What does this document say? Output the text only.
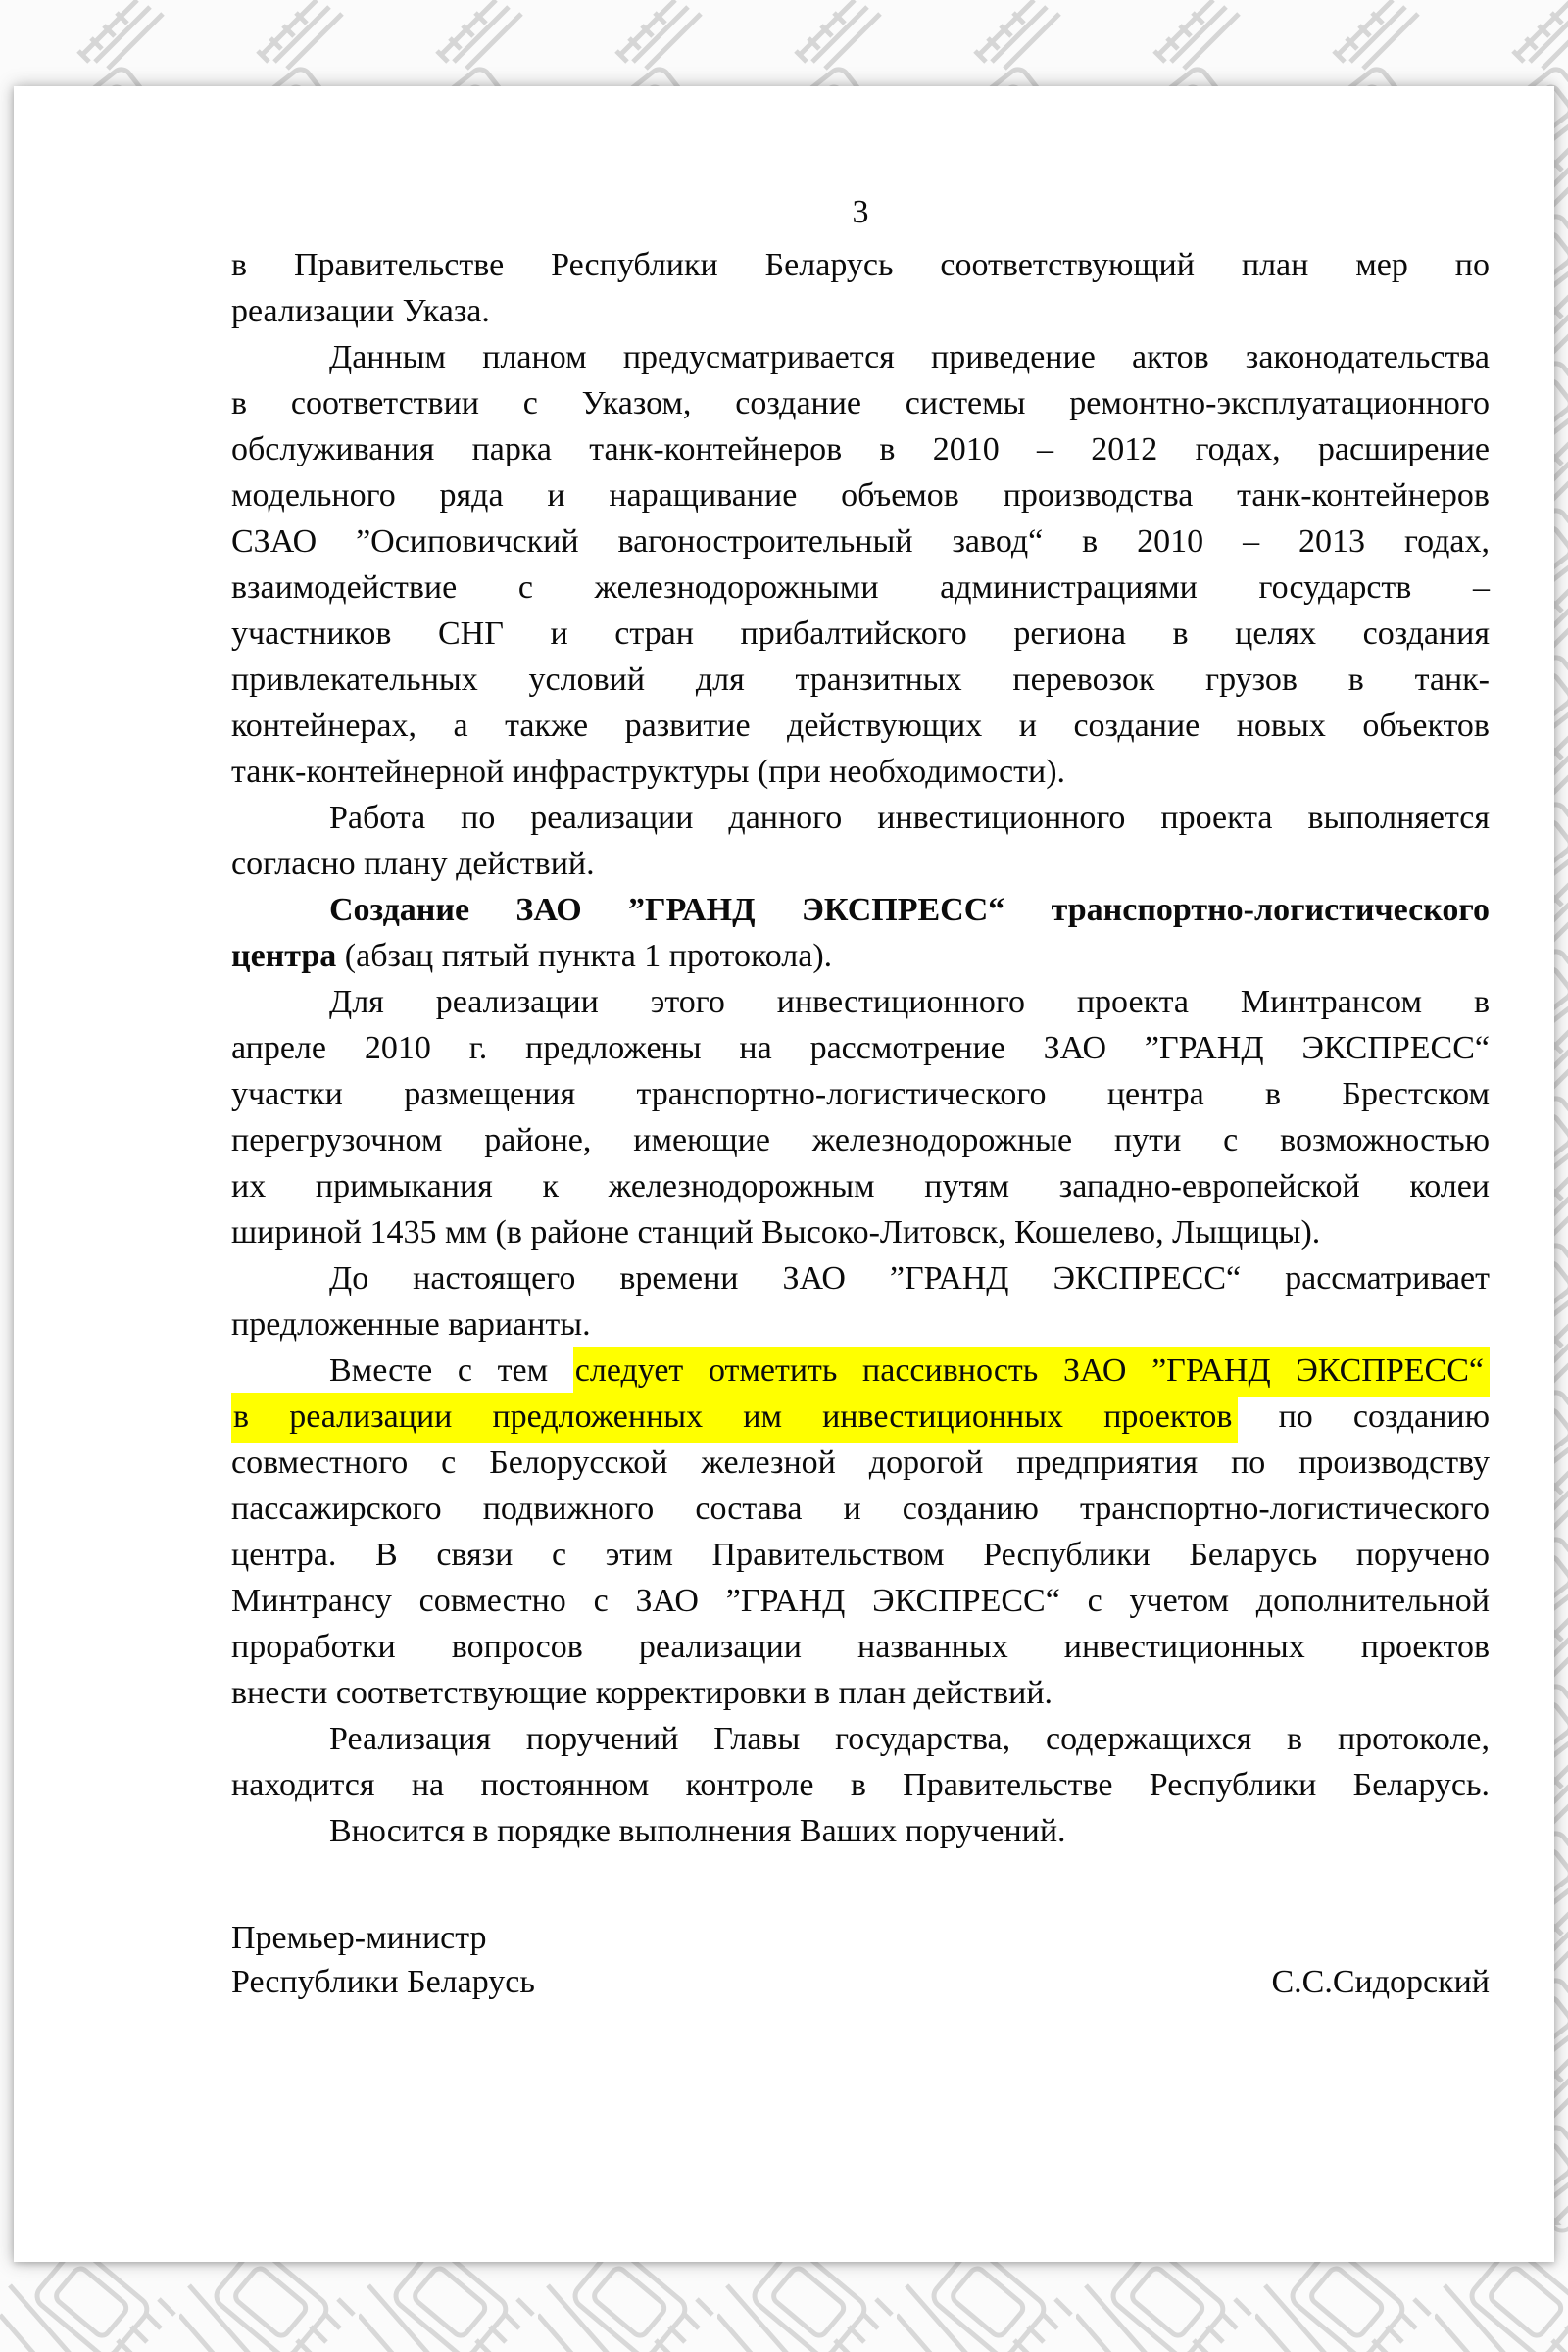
3
в Правительстве Республики Беларусь соответствующий план мер по
реализации Указа.
Данным планом предусматривается приведение актов законодательства
в соответствии с Указом, создание системы ремонтно-эксплуатационного
обслуживания парка танк-контейнеров в 2010 – 2012 годах, расширение
модельного ряда и наращивание объемов производства танк-контейнеров
СЗАО ”Осиповичский вагоностроительный завод“ в 2010 – 2013 годах,
взаимодействие с железнодорожными администрациями государств –
участников СНГ и стран прибалтийского региона в целях создания
привлекательных условий для транзитных перевозок грузов в танк-
контейнерах, а также развитие действующих и создание новых объектов
танк-контейнерной инфраструктуры (при необходимости).
Работа по реализации данного инвестиционного проекта выполняется
согласно плану действий.
Создание ЗАО ”ГРАНД ЭКСПРЕСС“ транспортно-логистического
центра (абзац пятый пункта 1 протокола).
Для реализации этого инвестиционного проекта Минтрансом в
апреле 2010 г. предложены на рассмотрение ЗАО ”ГРАНД ЭКСПРЕСС“
участки размещения транспортно-логистического центра в Брестском
перегрузочном районе, имеющие железнодорожные пути с возможностью
их примыкания к железнодорожным путям западно-европейской колеи
шириной 1435 мм (в районе станций Высоко-Литовск, Кошелево, Лыщицы).
До настоящего времени ЗАО ”ГРАНД ЭКСПРЕСС“ рассматривает
предложенные варианты.
Вместе с тем следует отметить пассивность ЗАО ”ГРАНД ЭКСПРЕСС“
в реализации предложенных им инвестиционных проектов по созданию
совместного с Белорусской железной дорогой предприятия по производству
пассажирского подвижного состава и созданию транспортно-логистического
центра. В связи с этим Правительством Республики Беларусь поручено
Минтрансу совместно с ЗАО ”ГРАНД ЭКСПРЕСС“ с учетом дополнительной
проработки вопросов реализации названных инвестиционных проектов
внести соответствующие корректировки в план действий.
Реализация поручений Главы государства, содержащихся в протоколе,
находится на постоянном контроле в Правительстве Республики Беларусь.
Вносится в порядке выполнения Ваших поручений.
Премьер-министр
Республики Беларусь	С.С.Сидорский
